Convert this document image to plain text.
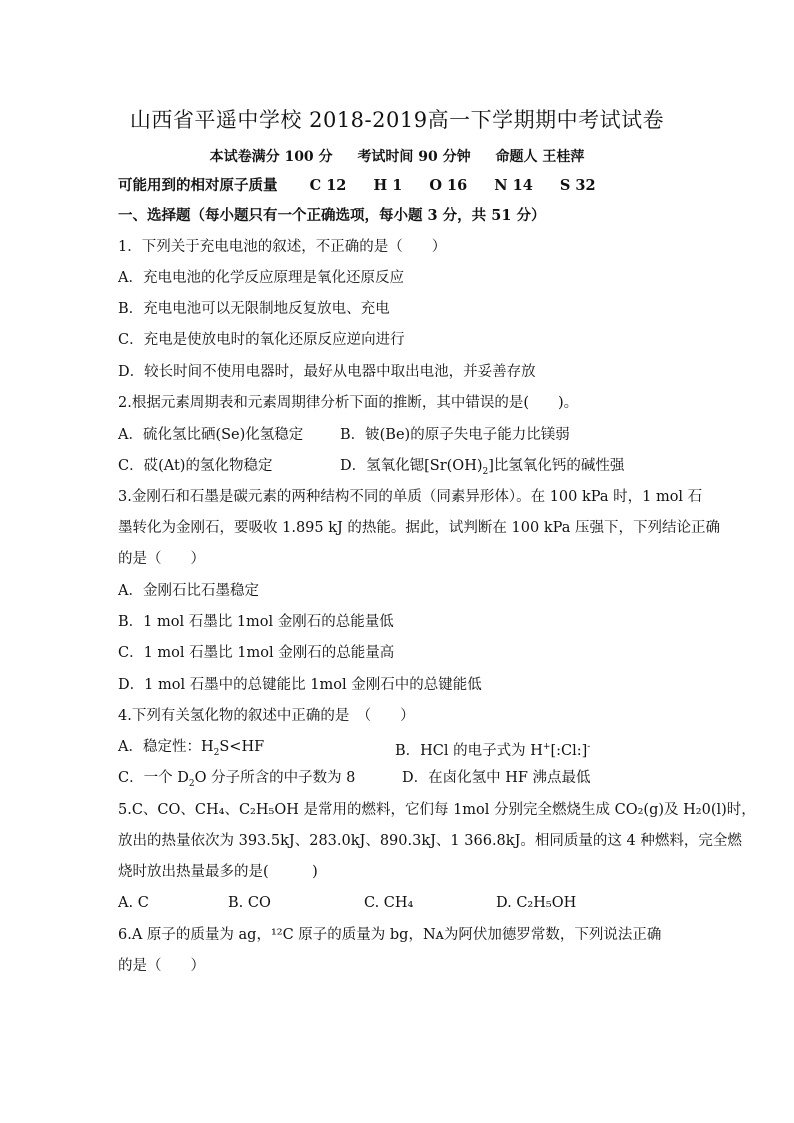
山西省平遥中学校 2018-2019高一下学期期中考试试卷
本试卷满分 100 分 考试时间 90 分钟 命题人 王桂萍
可能用到的相对原子质量 C 12 H 1 O 16 N 14 S 32
一、选择题（每小题只有一个正确选项，每小题 3 分，共 51 分）
1．下列关于充电电池的叙述，不正确的是（　　）
A．充电电池的化学反应原理是氧化还原反应
B．充电电池可以无限制地反复放电、充电
C．充电是使放电时的氧化还原反应逆向进行
D．较长时间不使用电器时，最好从电器中取出电池，并妥善存放
2.根据元素周期表和元素周期律分析下面的推断，其中错误的是(　　)。
A．硫化氢比硒(Se)化氢稳定	B．铍(Be)的原子失电子能力比镁弱
C．砹(At)的氢化物稳定	D．氢氧化锶$[Sr(OH)_2]$比氢氧化钙的碱性强
3.金刚石和石墨是碳元素的两种结构不同的单质（同素异形体）。在 100 kPa 时，1 mol 石
墨转化为金刚石，要吸收 1.895 kJ 的热能。据此，试判断在 100 kPa 压强下，下列结论正确
的是（　　）
A．金刚石比石墨稳定
B．1 mol 石墨比 1mol 金刚石的总能量低
C．1 mol 石墨比 1mol 金刚石的总能量高
D．1 mol 石墨中的总键能比 1mol 金刚石中的总键能低
4.下列有关氢化物的叙述中正确的是　（　　）
A．稳定性：$H_2S<HF$	B．HCl 的电子式为 H+[:Cl:]-
C．一个 $D_2O$ 分子所含的中子数为 8	D．在卤化氢中 HF 沸点最低
5.C、CO、CH₄、C₂H₅OH 是常用的燃料，它们每 1mol 分别完全燃烧生成 CO₂(g)及 H₂0(l)时，
放出的热量依次为 393.5kJ、283.0kJ、890.3kJ、1 366.8kJ。相同质量的这 4 种燃料，完全燃
烧时放出热量最多的是(　　　)
A. C	B. CO	C. CH₄	D. C₂H₅OH
6.A 原子的质量为 ag，¹²C 原子的质量为 bg，Nᴀ为阿伏加德罗常数，下列说法正确
的是（　　）
